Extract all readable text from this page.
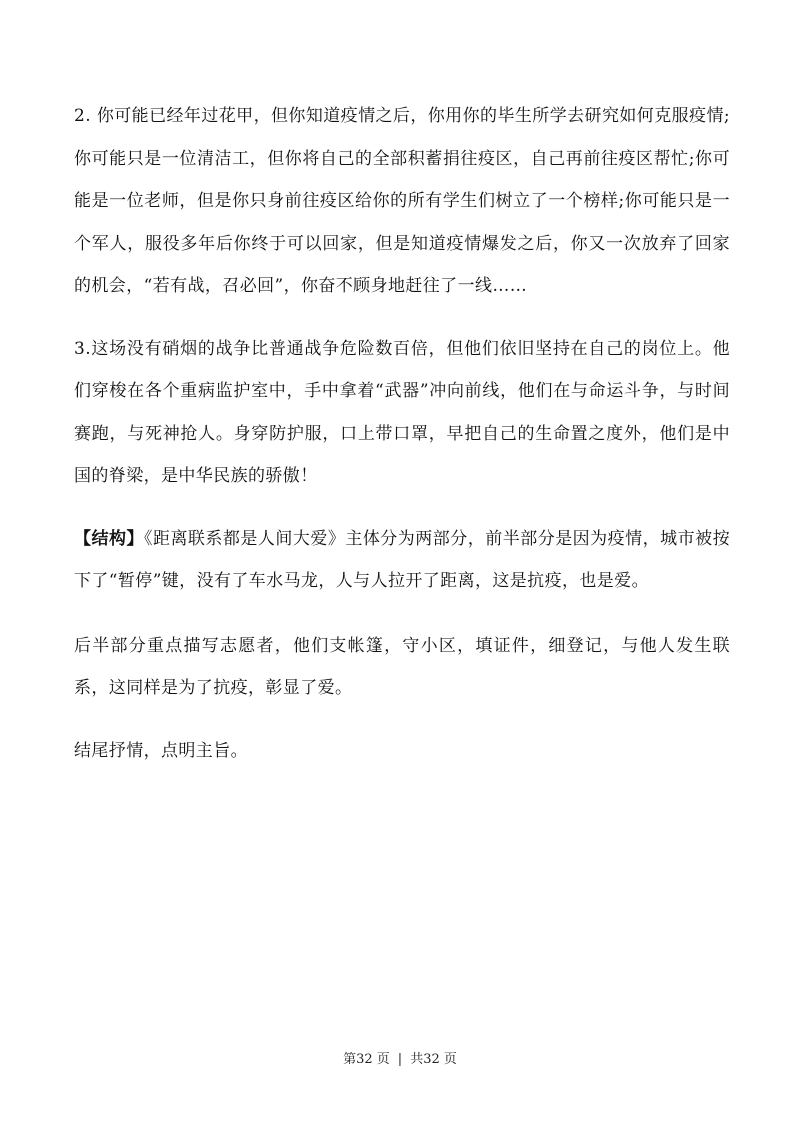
2. 你可能已经年过花甲，但你知道疫情之后，你用你的毕生所学去研究如何克服疫情;你可能只是一位清洁工，但你将自己的全部积蓄捐往疫区，自己再前往疫区帮忙;你可能是一位老师，但是你只身前往疫区给你的所有学生们树立了一个榜样;你可能只是一个军人，服役多年后你终于可以回家，但是知道疫情爆发之后，你又一次放弃了回家的机会，“若有战，召必回”，你奋不顾身地赶往了一线……

3.这场没有硝烟的战争比普通战争危险数百倍，但他们依旧坚持在自己的岗位上。他们穿梭在各个重病监护室中，手中拿着“武器”冲向前线，他们在与命运斗争，与时间赛跑，与死神抢人。身穿防护服，口上带口罩，早把自己的生命置之度外，他们是中国的脊梁，是中华民族的骄傲！

【结构】《距离联系都是人间大爱》主体分为两部分，前半部分是因为疫情，城市被按下了“暂停”键，没有了车水马龙，人与人拉开了距离，这是抗疫，也是爱。

后半部分重点描写志愿者，他们支帐篷，守小区，填证件，细登记，与他人发生联系，这同样是为了抗疫，彰显了爱。

结尾抒情，点明主旨。

第32 页 | 共32 页
